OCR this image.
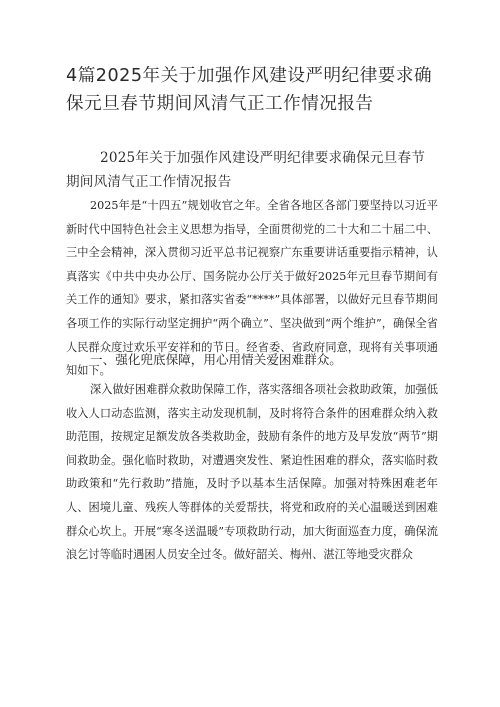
4篇2025年关于加强作风建设严明纪律要求确保元旦春节期间风清气正工作情况报告
2025年关于加强作风建设严明纪律要求确保元旦春节期间风清气正工作情况报告

2025年是“十四五”规划收官之年。全省各地区各部门要坚持以习近平新时代中国特色社会主义思想为指导，全面贯彻党的二十大和二十届二中、三中全会精神，深入贯彻习近平总书记视察广东重要讲话重要指示精神，认真落实《中共中央办公厅、国务院办公厅关于做好2025年元旦春节期间有关工作的通知》要求，紧扣落实省委“****”具体部署，以做好元旦春节期间各项工作的实际行动坚定拥护“两个确立”、坚决做到“两个维护”，确保全省人民群众度过欢乐平安祥和的节日。经省委、省政府同意，现将有关事项通知如下。

一、强化兜底保障，用心用情关爱困难群众。

深入做好困难群众救助保障工作，落实落细各项社会救助政策，加强低收入人口动态监测，落实主动发现机制，及时将符合条件的困难群众纳入救助范围，按规定足额发放各类救助金，鼓励有条件的地方及早发放“两节”期间救助金。强化临时救助，对遭遇突发性、紧迫性困难的群众，落实临时救助政策和“先行救助”措施，及时予以基本生活保障。加强对特殊困难老年人、困境儿童、残疾人等群体的关爱帮扶，将党和政府的关心温暖送到困难群众心坎上。开展“寒冬送温暖”专项救助行动，加大街面巡查力度，确保流浪乞讨等临时遇困人员安全过冬。做好韶关、梅州、湛江等地受灾群众
